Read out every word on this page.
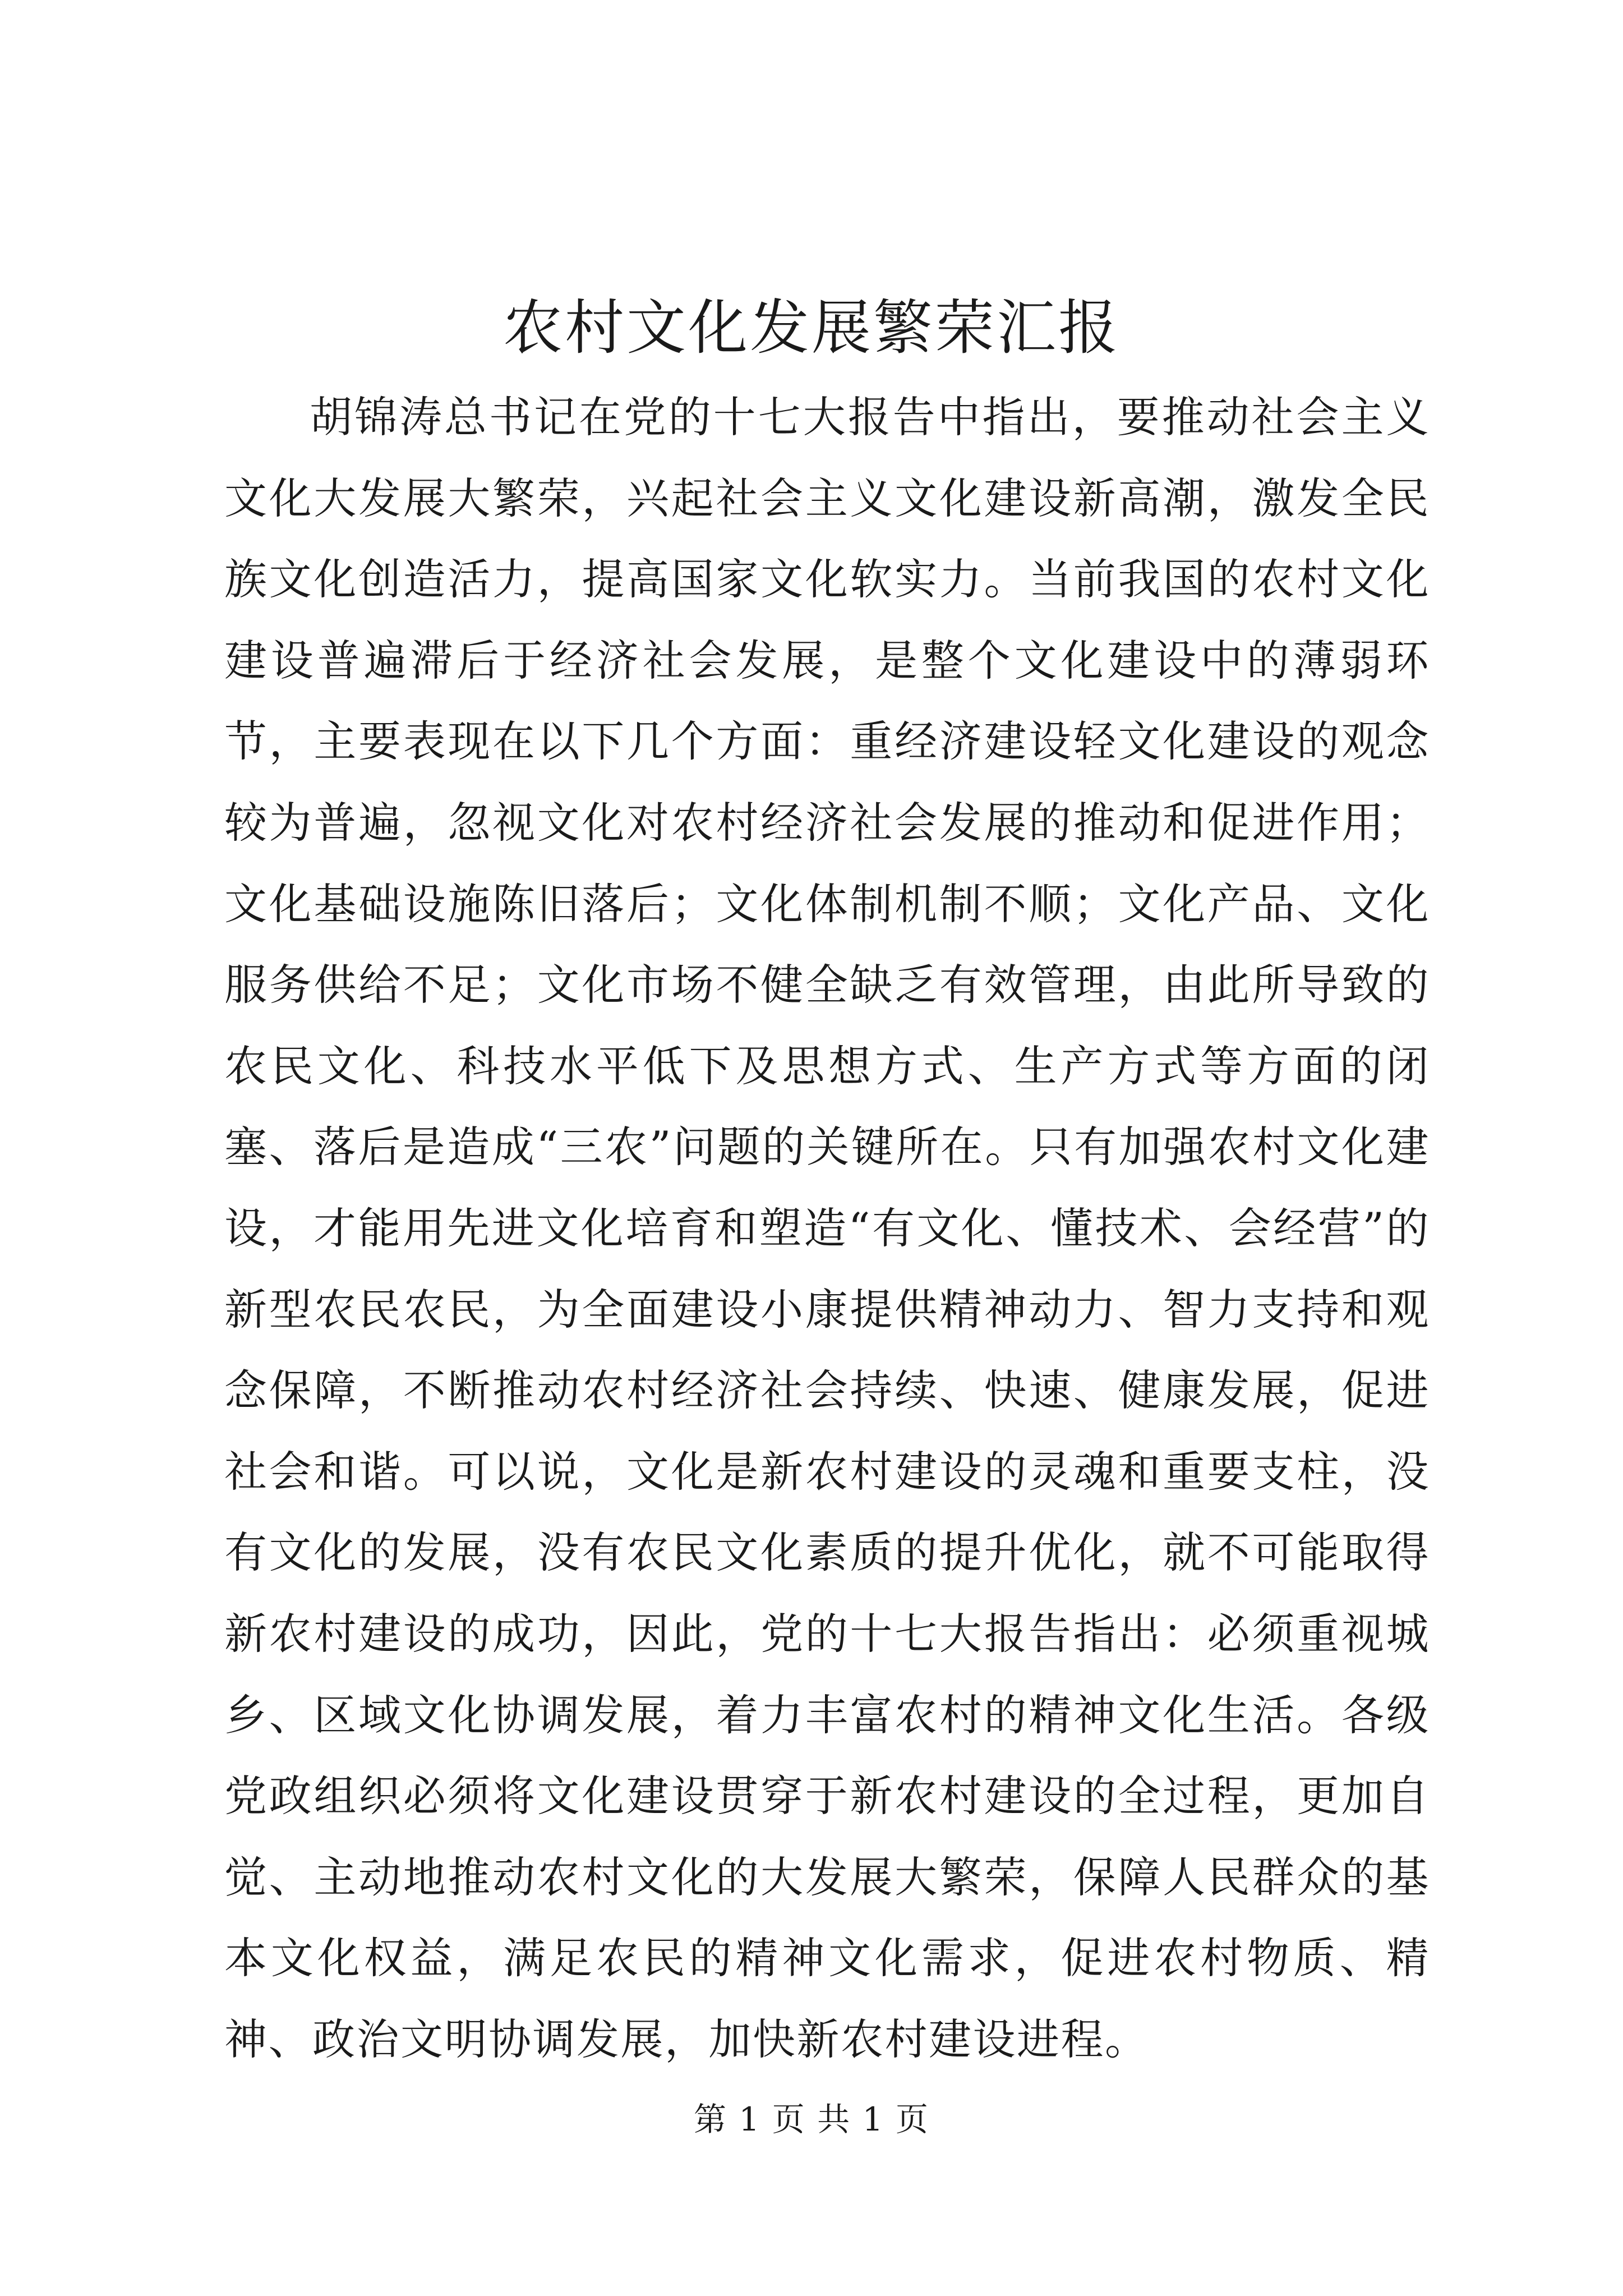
农村文化发展繁荣汇报

胡锦涛总书记在党的十七大报告中指出，要推动社会主义文化大发展大繁荣，兴起社会主义文化建设新高潮，激发全民族文化创造活力，提高国家文化软实力。当前我国的农村文化建设普遍滞后于经济社会发展，是整个文化建设中的薄弱环节，主要表现在以下几个方面：重经济建设轻文化建设的观念较为普遍，忽视文化对农村经济社会发展的推动和促进作用；文化基础设施陈旧落后；文化体制机制不顺；文化产品、文化服务供给不足；文化市场不健全缺乏有效管理，由此所导致的农民文化、科技水平低下及思想方式、生产方式等方面的闭塞、落后是造成“三农”问题的关键所在。只有加强农村文化建设，才能用先进文化培育和塑造“有文化、懂技术、会经营”的新型农民农民，为全面建设小康提供精神动力、智力支持和观念保障，不断推动农村经济社会持续、快速、健康发展，促进社会和谐。可以说，文化是新农村建设的灵魂和重要支柱，没有文化的发展，没有农民文化素质的提升优化，就不可能取得新农村建设的成功，因此，党的十七大报告指出：必须重视城乡、区域文化协调发展，着力丰富农村的精神文化生活。各级党政组织必须将文化建设贯穿于新农村建设的全过程，更加自觉、主动地推动农村文化的大发展大繁荣，保障人民群众的基本文化权益，满足农民的精神文化需求，促进农村物质、精神、政治文明协调发展，加快新农村建设进程。

第 1 页 共 1 页
